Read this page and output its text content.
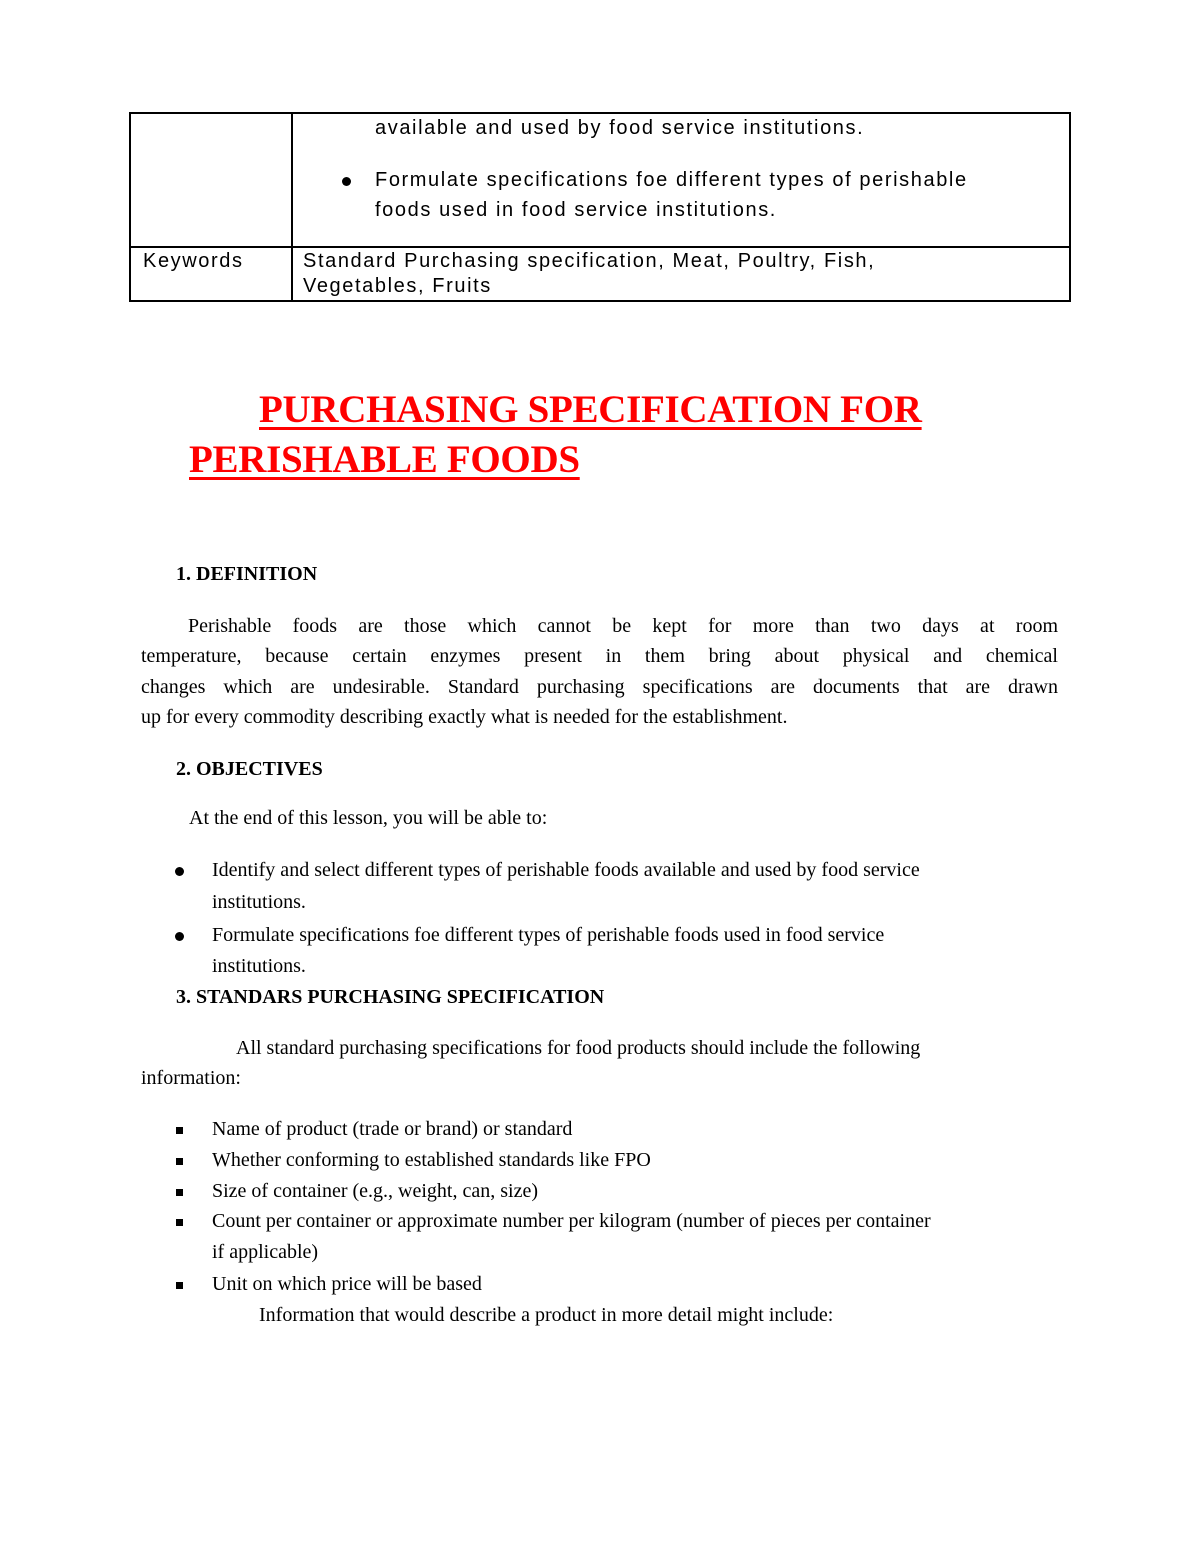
	available and used by food service institutions.
Formulate specifications foe different types of perishable
foods used in food service institutions.

Keywords	Standard Purchasing specification, Meat, Poultry, Fish,
Vegetables, Fruits
PURCHASING SPECIFICATION FOR
PERISHABLE FOODS
1. DEFINITION
Perishable foods are those which cannot be kept for more than two days at room
temperature, because certain enzymes present in them bring about physical and chemical
changes which are undesirable. Standard purchasing specifications are documents that are drawn
up for every commodity describing exactly what is needed for the establishment.
2. OBJECTIVES
At the end of this lesson, you will be able to:
Identify and select different types of perishable foods available and used by food service
institutions.
Formulate specifications foe different types of perishable foods used in food service
institutions.
3. STANDARS PURCHASING SPECIFICATION
All standard purchasing specifications for food products should include the following
information:
Name of product (trade or brand) or standard
Whether conforming to established standards like FPO
Size of container (e.g., weight, can, size)
Count per container or approximate number per kilogram (number of pieces per container
if applicable)
Unit on which price will be based
Information that would describe a product in more detail might include:
